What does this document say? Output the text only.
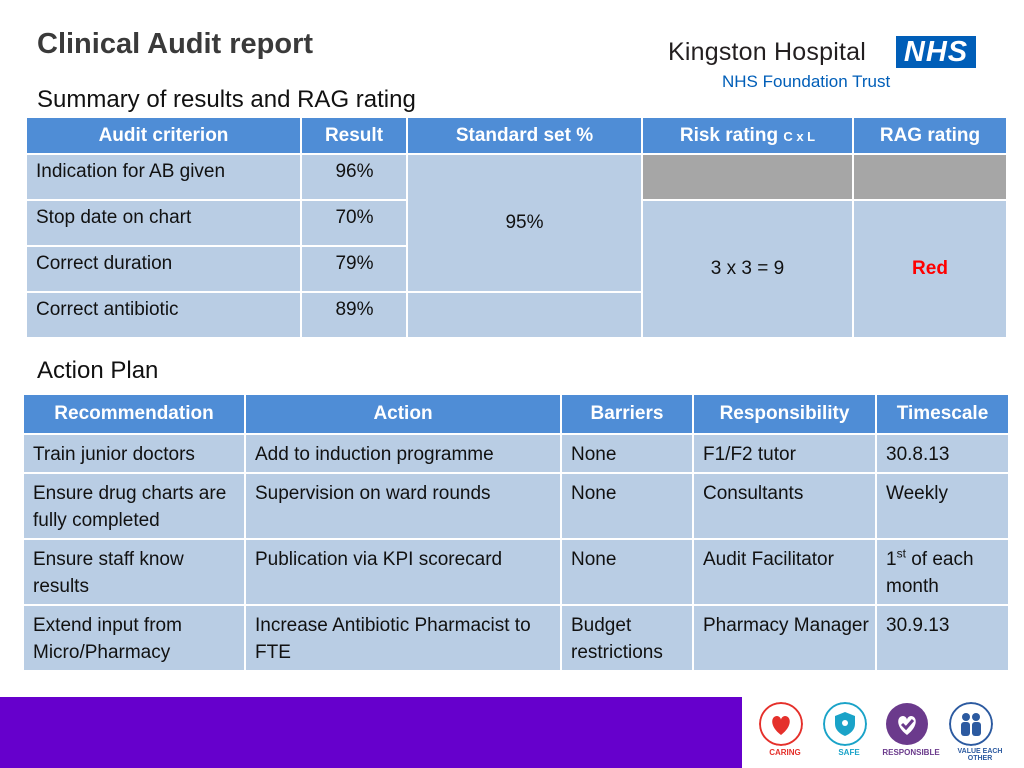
Clinical Audit report
Summary of results and RAG rating
Kingston Hospital NHS
NHS Foundation Trust
Audit criterion	Result	Standard set %	Risk rating C x L	RAG rating
Indication for AB given	96%	95%		
Stop date on chart	70%		3 x 3 = 9	Red
Correct duration	79%			
Correct antibiotic	89%			
Action Plan
Recommendation	Action	Barriers	Responsibility	Timescale
Train junior doctors	Add to induction programme	None	F1/F2 tutor	30.8.13
Ensure drug charts are fully completed	Supervision on ward rounds	None	Consultants	Weekly
Ensure staff know results	Publication via KPI scorecard	None	Audit Facilitator	1st of each month
Extend input from Micro/Pharmacy	Increase Antibiotic Pharmacist to FTE	Budget restrictions	Pharmacy Manager	30.9.13
CARING	SAFE	RESPONSIBLE	VALUE EACH OTHER
